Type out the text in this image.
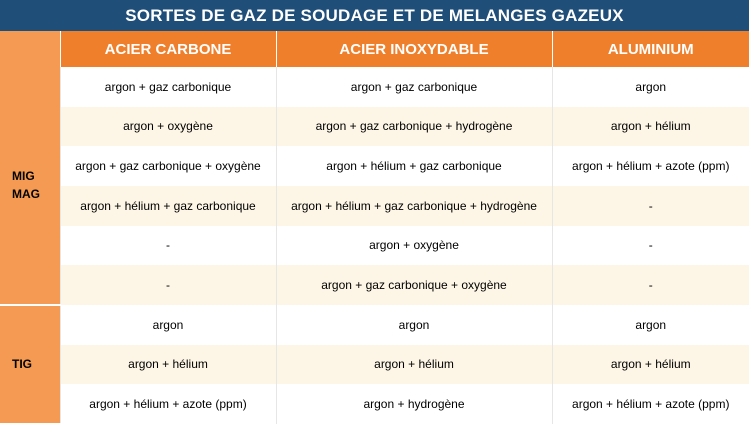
SORTES DE GAZ DE SOUDAGE ET DE MELANGES GAZEUX
	ACIER CARBONE	ACIER INOXYDABLE	ALUMINIUM
MIG
MAG	argon + gaz carbonique	argon + gaz carbonique	argon
	argon + oxygène	argon + gaz carbonique + hydrogène	argon + hélium
	argon + gaz carbonique + oxygène	argon + hélium + gaz carbonique	argon + hélium + azote (ppm)
	argon + hélium + gaz carbonique	argon + hélium + gaz carbonique + hydrogène	-
	-	argon + oxygène	-
	-	argon + gaz carbonique + oxygène	-
TIG	argon	argon	argon
	argon + hélium	argon + hélium	argon + hélium
	argon + hélium + azote (ppm)	argon + hydrogène	argon + hélium + azote (ppm)
